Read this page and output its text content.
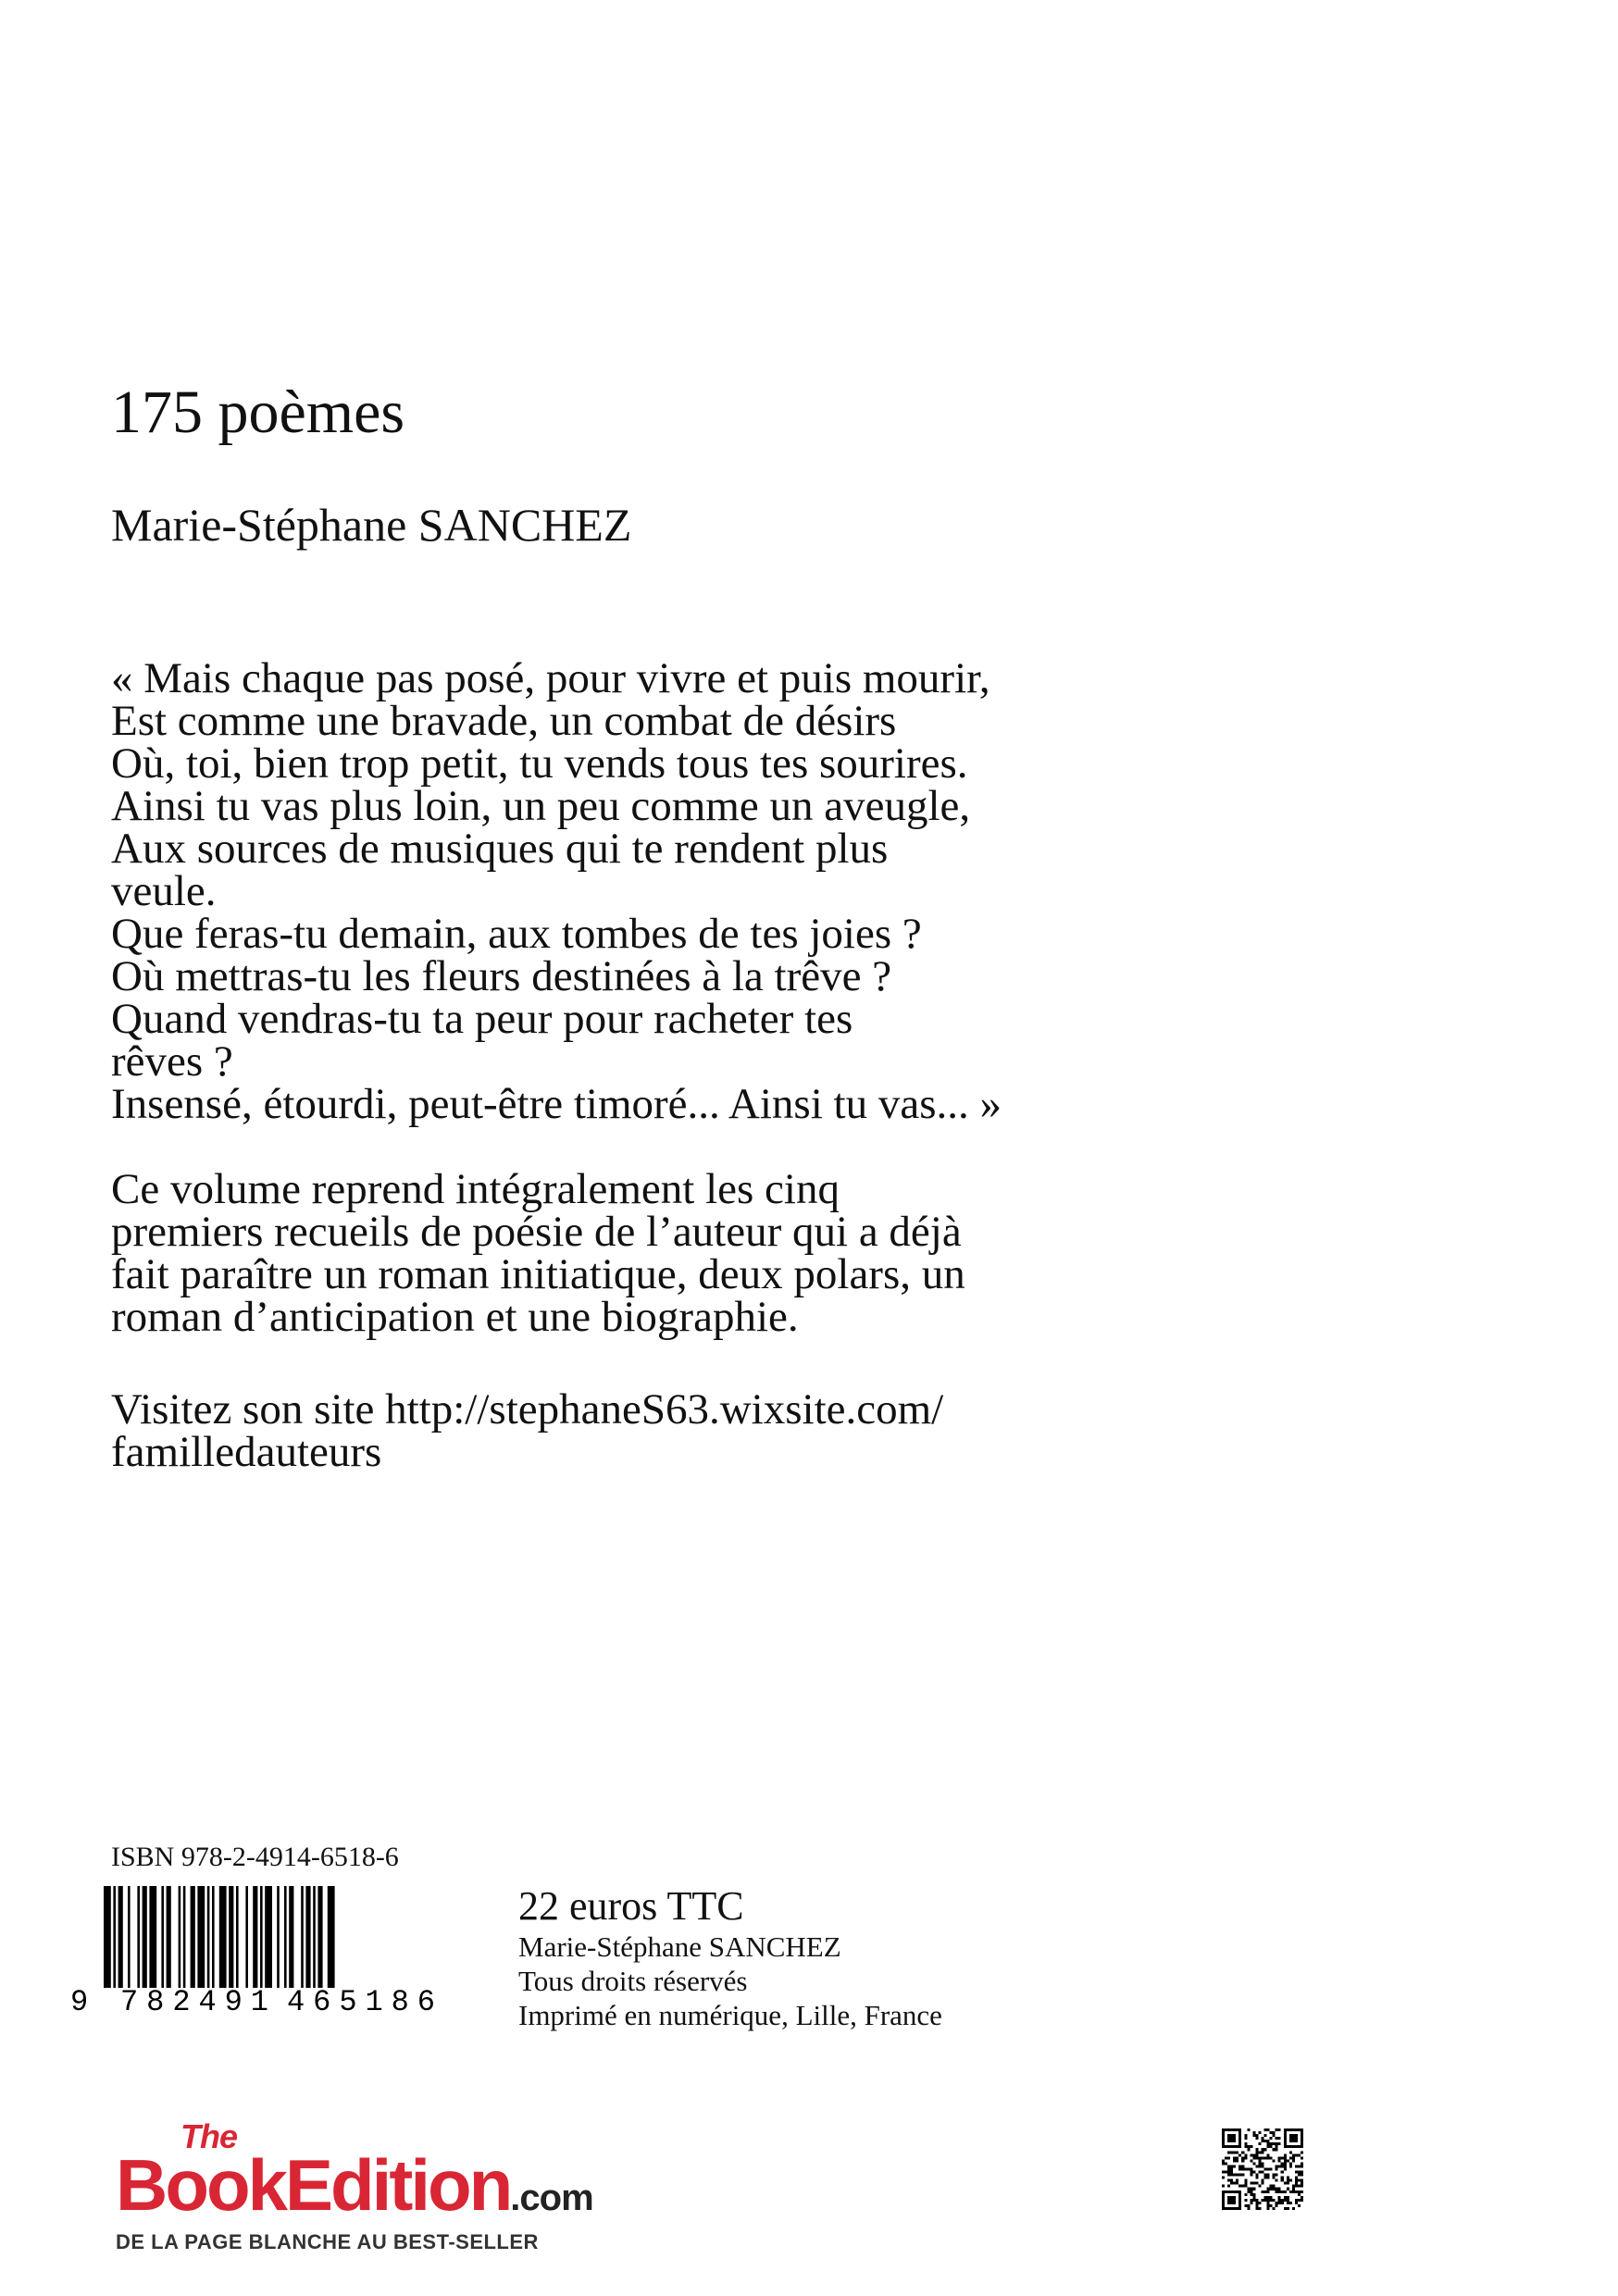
175 poèmes
Marie-Stéphane SANCHEZ
« Mais chaque pas posé, pour vivre et puis mourir,
Est comme une bravade, un combat de désirs
Où, toi, bien trop petit, tu vends tous tes sourires.
Ainsi tu vas plus loin, un peu comme un aveugle,
Aux sources de musiques qui te rendent plus
veule.
Que feras-tu demain, aux tombes de tes joies ?
Où mettras-tu les fleurs destinées à la trêve ?
Quand vendras-tu ta peur pour racheter tes
rêves ?
Insensé, étourdi, peut-être timoré... Ainsi tu vas... »
Ce volume reprend intégralement les cinq
premiers recueils de poésie de l’auteur qui a déjà
fait paraître un roman initiatique, deux polars, un
roman d’anticipation et une biographie.
Visitez son site http://stephaneS63.wixsite.com/
familledauteurs
ISBN 978-2-4914-6518-6
9 782491 465186
22 euros TTC
Marie-Stéphane SANCHEZ
Tous droits réservés
Imprimé en numérique, Lille, France
The
BookEdition.com
DE LA PAGE BLANCHE AU BEST-SELLER
